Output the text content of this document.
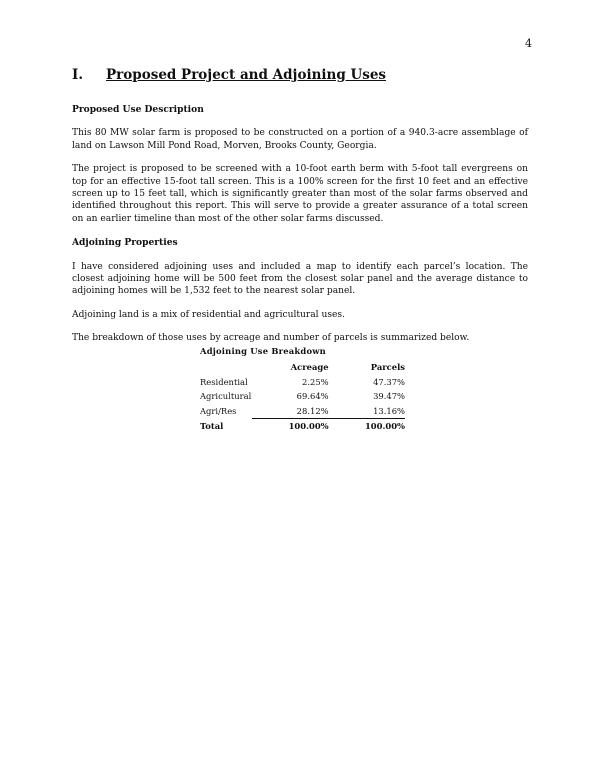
4
I. Proposed Project and Adjoining Uses
Proposed Use Description

This 80 MW solar farm is proposed to be constructed on a portion of a 940.3-acre assemblage of land on Lawson Mill Pond Road, Morven, Brooks County, Georgia.

The project is proposed to be screened with a 10-foot earth berm with 5-foot tall evergreens on top for an effective 15-foot tall screen. This is a 100% screen for the first 10 feet and an effective screen up to 15 feet tall, which is significantly greater than most of the solar farms observed and identified throughout this report. This will serve to provide a greater assurance of a total screen on an earlier timeline than most of the other solar farms discussed.

Adjoining Properties

I have considered adjoining uses and included a map to identify each parcel’s location. The closest adjoining home will be 500 feet from the closest solar panel and the average distance to adjoining homes will be 1,532 feet to the nearest solar panel.

Adjoining land is a mix of residential and agricultural uses.

The breakdown of those uses by acreage and number of parcels is summarized below.

Adjoining Use Breakdown
	Acreage	Parcels
Residential	2.25%	47.37%
Agricultural	69.64%	39.47%
Agri/Res	28.12%	13.16%
Total	100.00%	100.00%
